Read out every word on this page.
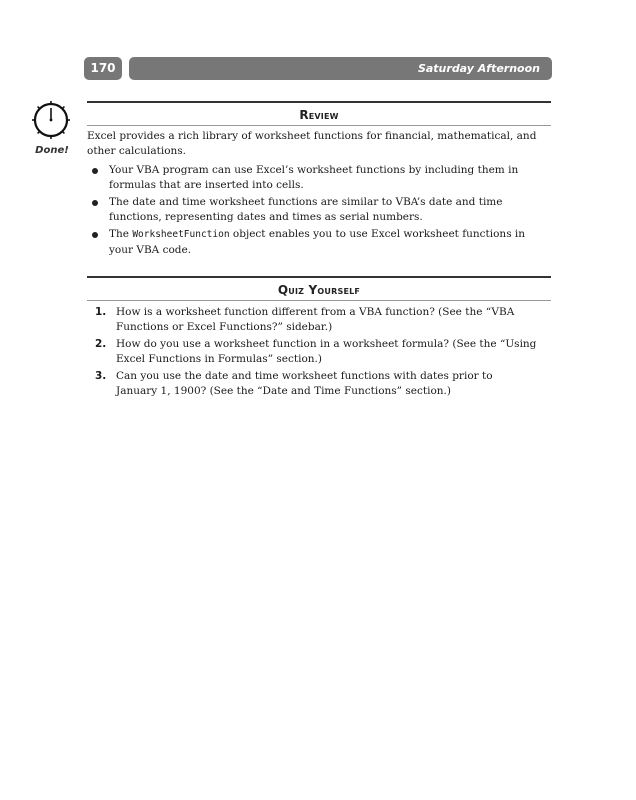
170	Saturday Afternoon
Done!
Review
Excel provides a rich library of worksheet functions for financial, mathematical, and other calculations.
Your VBA program can use Excel’s worksheet functions by including them in formulas that are inserted into cells.
The date and time worksheet functions are similar to VBA’s date and time functions, representing dates and times as serial numbers.
The WorksheetFunction object enables you to use Excel worksheet functions in your VBA code.
Quiz Yourself
1. How is a worksheet function different from a VBA function? (See the “VBA Functions or Excel Functions?” sidebar.)
2. How do you use a worksheet function in a worksheet formula? (See the “Using Excel Functions in Formulas” section.)
3. Can you use the date and time worksheet functions with dates prior to January 1, 1900? (See the “Date and Time Functions” section.)
